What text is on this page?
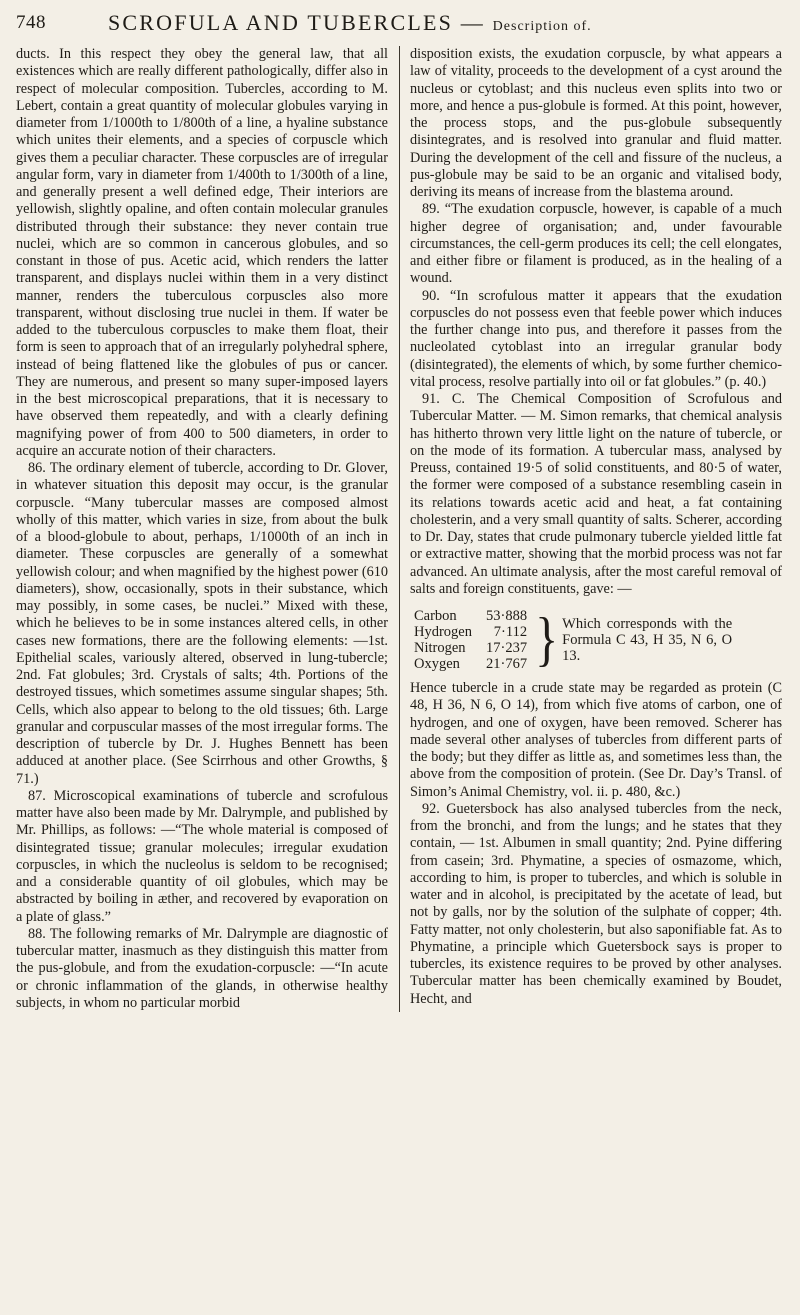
748	SCROFULA AND TUBERCLES — Description of.

ducts. In this respect they obey the general law, that all existences which are really different pathologically, differ also in respect of molecular composition. Tubercles, according to M. Lebert, contain a great quantity of molecular globules varying in diameter from 1/1000th to 1/800th of a line, a hyaline substance which unites their elements, and a species of corpuscle which gives them a peculiar character. These corpuscles are of irregular angular form, vary in diameter from 1/400th to 1/300th of a line, and generally present a well defined edge, Their interiors are yellowish, slightly opaline, and often contain molecular granules distributed through their substance: they never contain true nuclei, which are so common in cancerous globules, and so constant in those of pus. Acetic acid, which renders the latter transparent, and displays nuclei within them in a very distinct manner, renders the tuberculous corpuscles also more transparent, without disclosing true nuclei in them. If water be added to the tuberculous corpuscles to make them float, their form is seen to approach that of an irregularly polyhedral sphere, instead of being flattened like the globules of pus or cancer. They are numerous, and present so many super-imposed layers in the best microscopical preparations, that it is necessary to have observed them repeatedly, and with a clearly defining magnifying power of from 400 to 500 diameters, in order to acquire an accurate notion of their characters.

86. The ordinary element of tubercle, according to Dr. Glover, in whatever situation this deposit may occur, is the granular corpuscle. “Many tubercular masses are composed almost wholly of this matter, which varies in size, from about the bulk of a blood-globule to about, perhaps, 1/1000th of an inch in diameter. These corpuscles are generally of a somewhat yellowish colour; and when magnified by the highest power (610 diameters), show, occasionally, spots in their substance, which may possibly, in some cases, be nuclei.” Mixed with these, which he believes to be in some instances altered cells, in other cases new formations, there are the following elements: —1st. Epithelial scales, variously altered, observed in lung-tubercle; 2nd. Fat globules; 3rd. Crystals of salts; 4th. Portions of the destroyed tissues, which sometimes assume singular shapes; 5th. Cells, which also appear to belong to the old tissues; 6th. Large granular and corpuscular masses of the most irregular forms. The description of tubercle by Dr. J. Hughes Bennett has been adduced at another place. (See Scirrhous and other Growths, § 71.)

87. Microscopical examinations of tubercle and scrofulous matter have also been made by Mr. Dalrymple, and published by Mr. Phillips, as follows: —“The whole material is composed of disintegrated tissue; granular molecules; irregular exudation corpuscles, in which the nucleolus is seldom to be recognised; and a considerable quantity of oil globules, which may be abstracted by boiling in æther, and recovered by evaporation on a plate of glass.”

88. The following remarks of Mr. Dalrymple are diagnostic of tubercular matter, inasmuch as they distinguish this matter from the pus-globule, and from the exudation-corpuscle: —“In acute or chronic inflammation of the glands, in otherwise healthy subjects, in whom no particular morbid

disposition exists, the exudation corpuscle, by what appears a law of vitality, proceeds to the development of a cyst around the nucleus or cytoblast; and this nucleus even splits into two or more, and hence a pus-globule is formed. At this point, however, the process stops, and the pus-globule subsequently disintegrates, and is resolved into granular and fluid matter. During the development of the cell and fissure of the nucleus, a pus-globule may be said to be an organic and vitalised body, deriving its means of increase from the blastema around.

89. “The exudation corpuscle, however, is capable of a much higher degree of organisation; and, under favourable circumstances, the cell-germ produces its cell; the cell elongates, and either fibre or filament is produced, as in the healing of a wound.

90. “In scrofulous matter it appears that the exudation corpuscles do not possess even that feeble power which induces the further change into pus, and therefore it passes from the nucleolated cytoblast into an irregular granular body (disintegrated), the elements of which, by some further chemico-vital process, resolve partially into oil or fat globules.” (p. 40.)

91. C. The Chemical Composition of Scrofulous and Tubercular Matter. — M. Simon remarks, that chemical analysis has hitherto thrown very little light on the nature of tubercle, or on the mode of its formation. A tubercular mass, analysed by Preuss, contained 19·5 of solid constituents, and 80·5 of water, the former were composed of a substance resembling casein in its relations towards acetic acid and heat, a fat containing cholesterin, and a very small quantity of salts. Scherer, according to Dr. Day, states that crude pulmonary tubercle yielded little fat or extractive matter, showing that the morbid process was not far advanced. An ultimate analysis, after the most careful removal of salts and foreign constituents, gave: —

Carbon	53·888
Hydrogen	7·112
Nitrogen	17·237
Oxygen	21·767 } Which corresponds with the Formula C 43, H 35, N 6, O 13.

Hence tubercle in a crude state may be regarded as protein (C 48, H 36, N 6, O 14), from which five atoms of carbon, one of hydrogen, and one of oxygen, have been removed. Scherer has made several other analyses of tubercles from different parts of the body; but they differ as little as, and sometimes less than, the above from the composition of protein. (See Dr. Day’s Transl. of Simon’s Animal Chemistry, vol. ii. p. 480, &c.)

92. Guetersbock has also analysed tubercles from the neck, from the bronchi, and from the lungs; and he states that they contain, — 1st. Albumen in small quantity; 2nd. Pyine differing from casein; 3rd. Phymatine, a species of osmazome, which, according to him, is proper to tubercles, and which is soluble in water and in alcohol, is precipitated by the acetate of lead, but not by galls, nor by the solution of the sulphate of copper; 4th. Fatty matter, not only cholesterin, but also saponifiable fat. As to Phymatine, a principle which Guetersbock says is proper to tubercles, its existence requires to be proved by other analyses. Tubercular matter has been chemically examined by Boudet, Hecht, and
